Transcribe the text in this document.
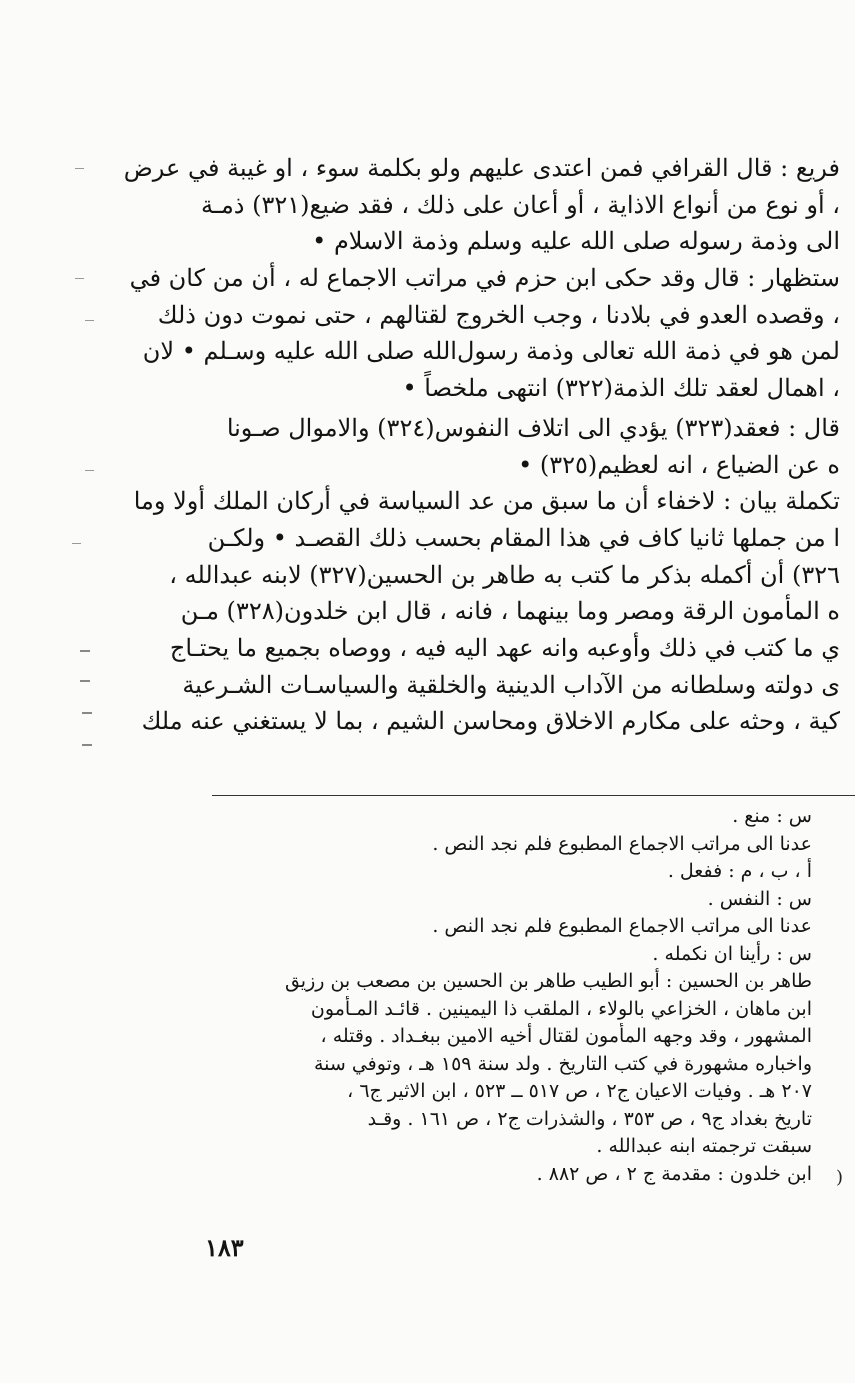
فريع : قال القرافي فمن اعتدى عليهم ولو بكلمة سوء ، او غيبة في عرض
، أو نوع من أنواع الاذاية ، أو أعان على ذلك ، فقد ضيع(٣٢١) ذمـة
الى وذمة رسوله صلى الله عليه وسلم وذمة الاسلام •
ستظهار : قال وقد حكى ابن حزم في مراتب الاجماع له ، أن من كان في
، وقصده العدو في بلادنا ، وجب الخروج لقتالهم ، حتى نموت دون ذلك
لمن هو في ذمة الله تعالى وذمة رسول‌الله صلى الله عليه وسـلم • لان
، اهمال لعقد تلك الذمة(٣٢٢) انتهى ملخصاً •
قال : فعقد(٣٢٣) يؤدي الى اتلاف النفوس(٣٢٤) والاموال صـونا
ه عن الضياع ، انه لعظيم(٣٢٥) •
تكملة بيان : لاخفاء أن ما سبق من عد السياسة في أركان الملك أولا وما
ا من جملها ثانيا كاف في هذا المقام بحسب ذلك القصـد • ولكـن
٣٢٦) أن أكمله بذكر ما كتب به طاهر بن الحسين(٣٢٧) لابنه عبدالله ،
ه المأمون الرقة ومصر وما بينهما ، فانه ، قال ابن خلدون(٣٢٨) مـن
ي ما كتب في ذلك وأوعبه وانه عهد اليه فيه ، ووصاه بجميع ما يحتـاج
ى دولته وسلطانه من الآداب الدينية والخلقية والسياسـات الشـرعية
كية ، وحثه على مكارم الاخلاق ومحاسن الشيم ، بما لا يستغني عنه ملك
س : منع .
عدنا الى مراتب الاجماع المطبوع فلم نجد النص .
أ ، ب ، م : ففعل .
س : النفس .
عدنا الى مراتب الاجماع المطبوع فلم نجد النص .
س : رأينا ان نكمله .
طاهر بن الحسين : أبو الطيب طاهر بن الحسين بن مصعب بن رزيق
ابن ماهان ، الخزاعي بالولاء ، الملقب ذا اليمينين . قائـد المـأمون
المشهور ، وقد وجهه المأمون لقتال أخيه الامين ببغـداد . وقتله ،
واخباره مشهورة في كتب التاريخ . ولد سنة ١٥٩ هـ ، وتوفي سنة
٢٠٧ هـ . وفيات الاعيان ج٢ ، ص ٥١٧ ــ ٥٢٣ ، ابن الاثير ج٦ ،
تاريخ بغداد ج٩ ، ص ٣٥٣ ، والشذرات ج٢ ، ص ١٦١ . وقـد
سبقت ترجمته ابنه عبدالله .
ابن خلدون : مقدمة ج ٢ ، ص ٨٨٢ . )
١٨٣
